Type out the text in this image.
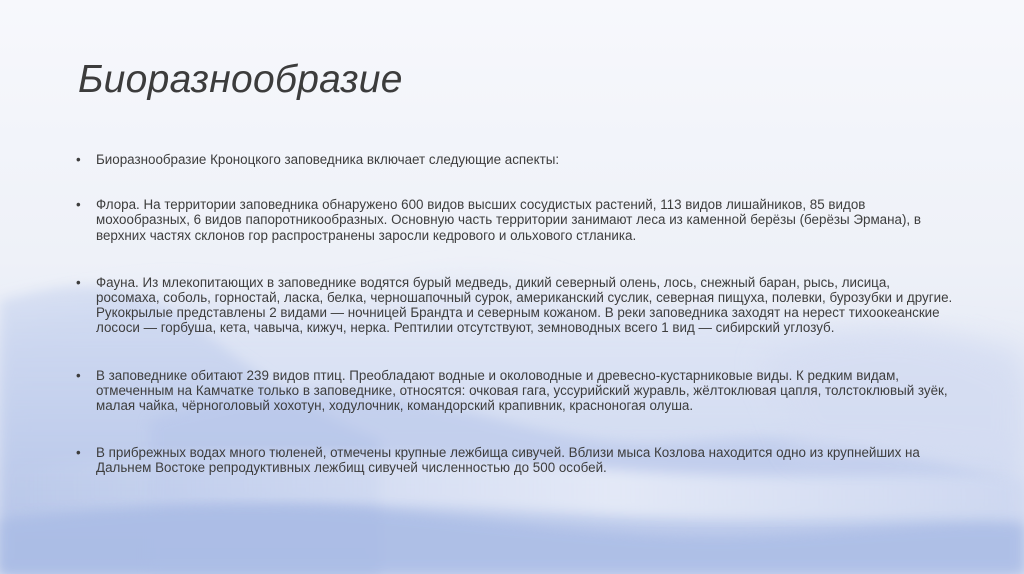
Биоразнообразие
• Биоразнообразие Кроноцкого заповедника включает следующие аспекты:
• Флора. На территории заповедника обнаружено 600 видов высших сосудистых растений, 113 видов лишайников, 85 видов мохообразных, 6 видов папоротникообразных. Основную часть территории занимают леса из каменной берёзы (берёзы Эрмана), в верхних частях склонов гор распространены заросли кедрового и ольхового стланика.
• Фауна. Из млекопитающих в заповеднике водятся бурый медведь, дикий северный олень, лось, снежный баран, рысь, лисица, росомаха, соболь, горностай, ласка, белка, черношапочный сурок, американский суслик, северная пищуха, полевки, бурозубки и другие. Рукокрылые представлены 2 видами — ночницей Брандта и северным кожаном. В реки заповедника заходят на нерест тихоокеанские лососи — горбуша, кета, чавыча, кижуч, нерка. Рептилии отсутствуют, земноводных всего 1 вид — сибирский углозуб.
• В заповеднике обитают 239 видов птиц. Преобладают водные и околоводные и древесно-кустарниковые виды. К редким видам, отмеченным на Камчатке только в заповеднике, относятся: очковая гага, уссурийский журавль, жёлтоклювая цапля, толстоклювый зуёк, малая чайка, чёрноголовый хохотун, ходулочник, командорский крапивник, красноногая олуша.
• В прибрежных водах много тюленей, отмечены крупные лежбища сивучей. Вблизи мыса Козлова находится одно из крупнейших на Дальнем Востоке репродуктивных лежбищ сивучей численностью до 500 особей.
